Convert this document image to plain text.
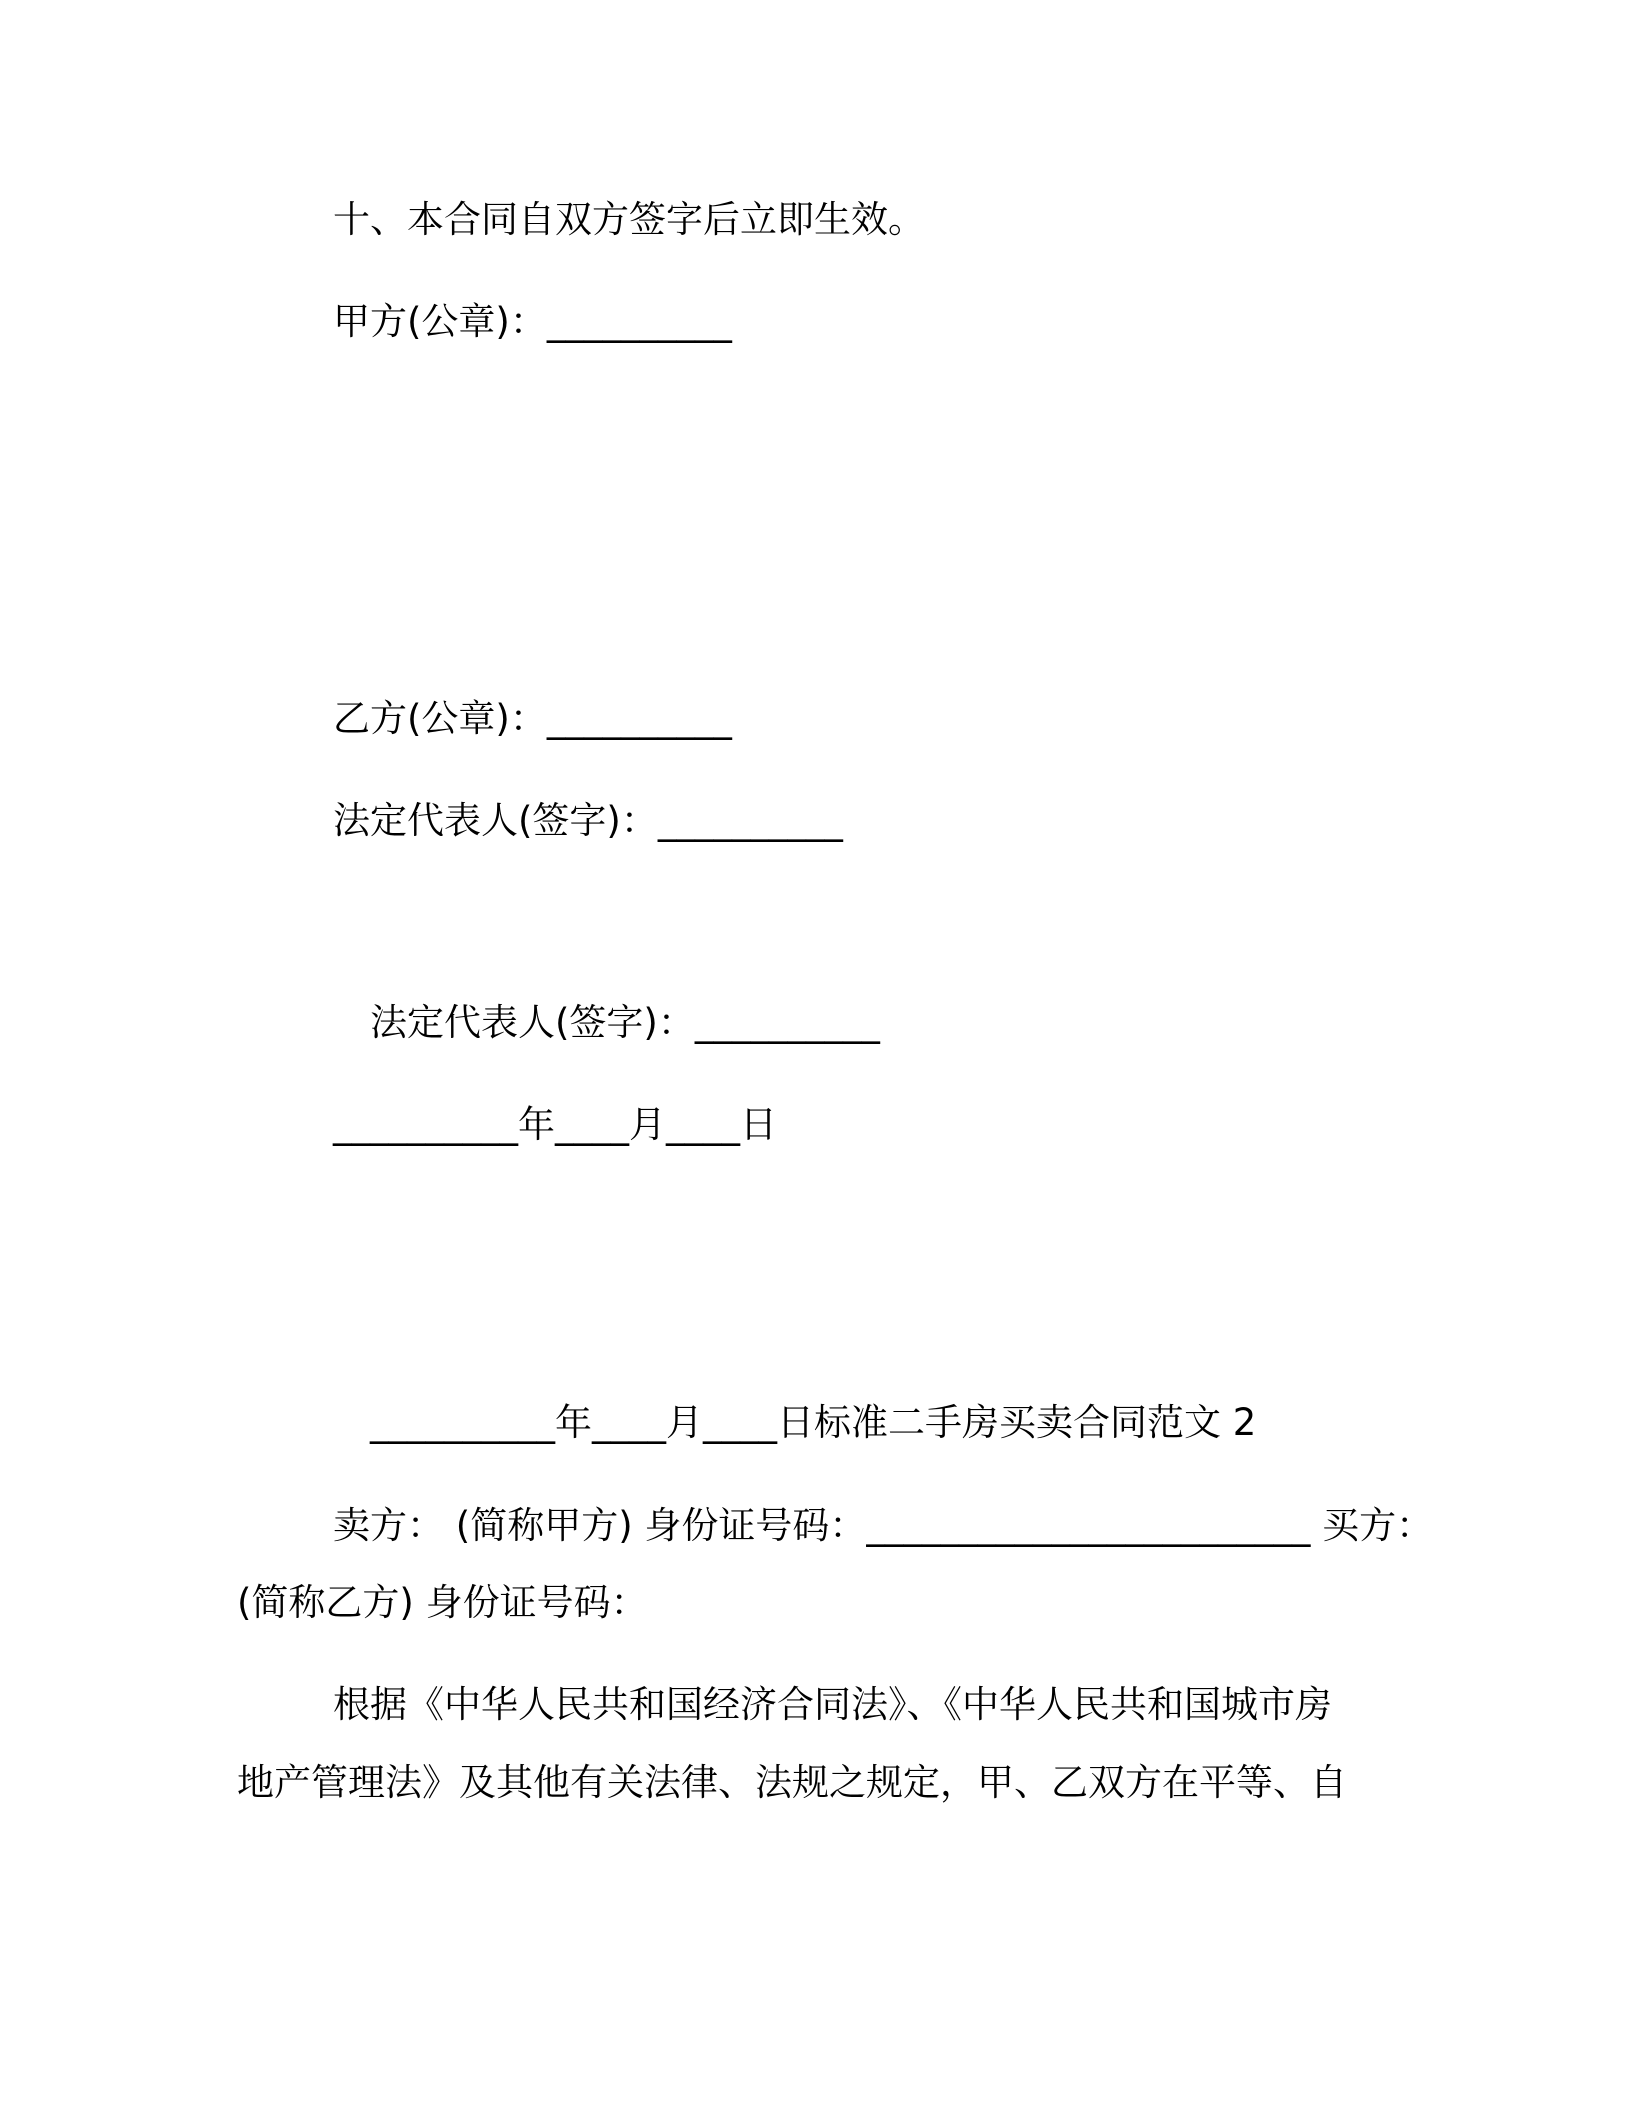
十、本合同自双方签字后立即生效。
甲方(公章)：__________
乙方(公章)：__________
法定代表人(签字)：__________
法定代表人(签字)：__________
__________年____月____日
__________年____月____日标准二手房买卖合同范文 2
卖方： (简称甲方) 身份证号码：________________________ 买方：
(简称乙方) 身份证号码：
根据《中华人民共和国经济合同法》、《中华人民共和国城市房
地产管理法》及其他有关法律、法规之规定，甲、乙双方在平等、自
